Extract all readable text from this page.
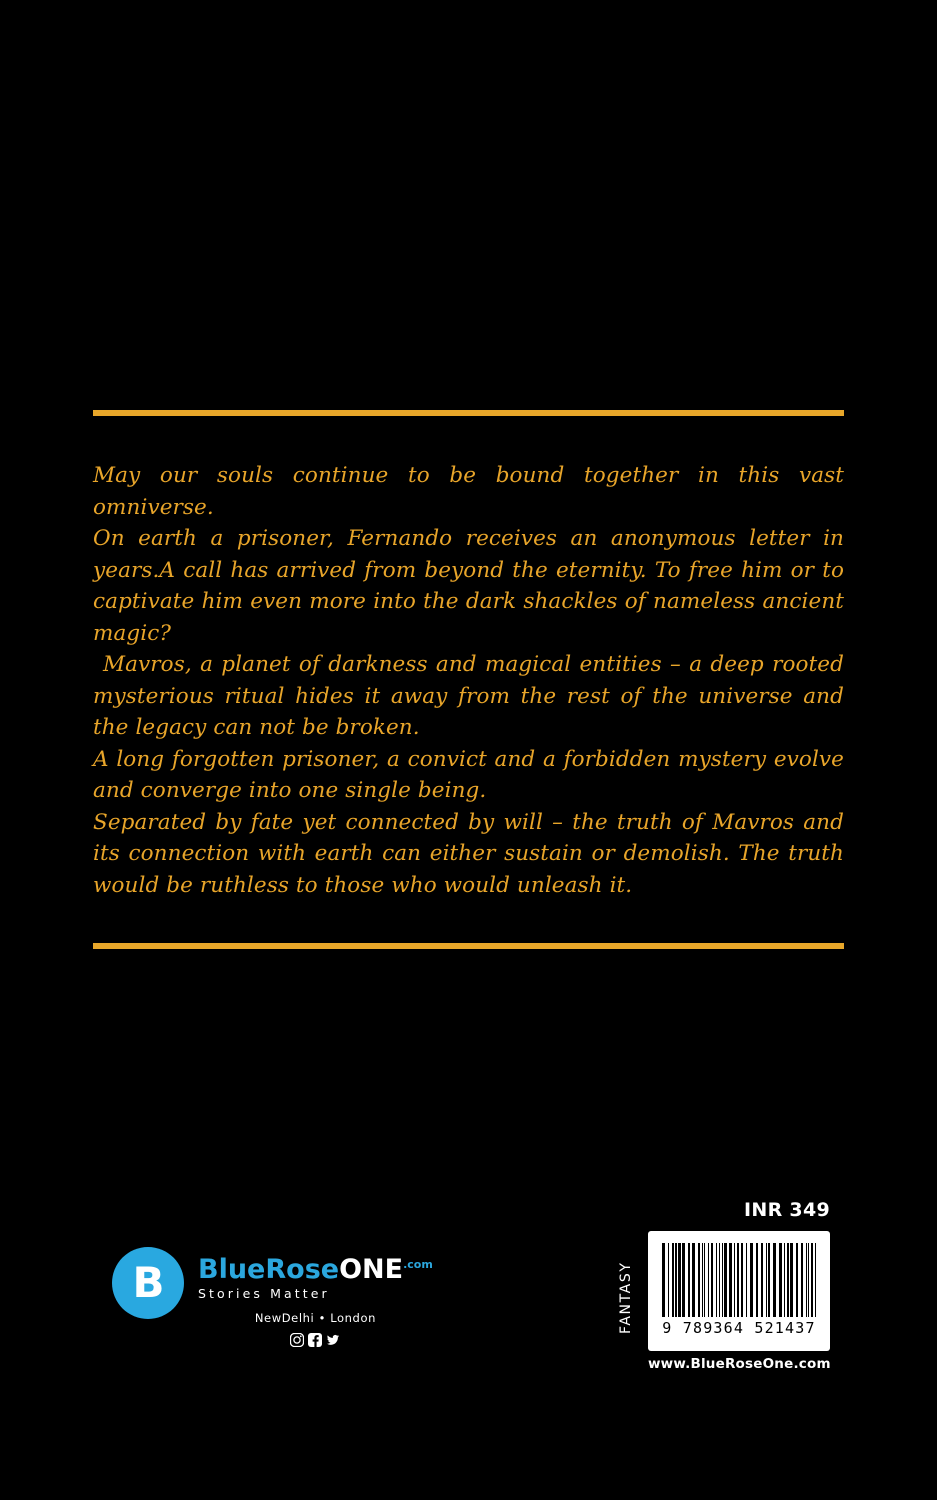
May our souls continue to be bound together in this vast omniverse.

On earth a prisoner, Fernando receives an anonymous letter in years.A call has arrived from beyond the eternity. To free him or to captivate him even more into the dark shackles of nameless ancient magic?

Mavros, a planet of darkness and magical entities – a deep rooted mysterious ritual hides it away from the rest of the universe and the legacy can not be broken.

A long forgotten prisoner, a convict and a forbidden mystery evolve and converge into one single being.

Separated by fate yet connected by will – the truth of Mavros and its connection with earth can either sustain or demolish. The truth would be ruthless to those who would unleash it.

B	BlueRoseONE$^{.com}$
Stories Matter
NewDelhi • London
INR 349
FANTASY 9 789364 521437
www.BlueRoseOne.com
